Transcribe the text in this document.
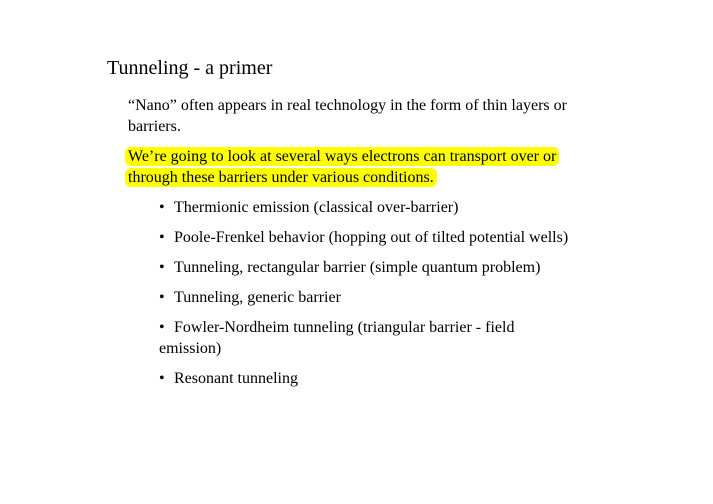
Tunneling - a primer
“Nano” often appears in real technology in the form of thin layers or barriers.
We’re going to look at several ways electrons can transport over or through these barriers under various conditions.
• Thermionic emission (classical over-barrier)
• Poole-Frenkel behavior (hopping out of tilted potential wells)
• Tunneling, rectangular barrier (simple quantum problem)
• Tunneling, generic barrier
• Fowler-Nordheim tunneling (triangular barrier - field emission)
• Resonant tunneling
